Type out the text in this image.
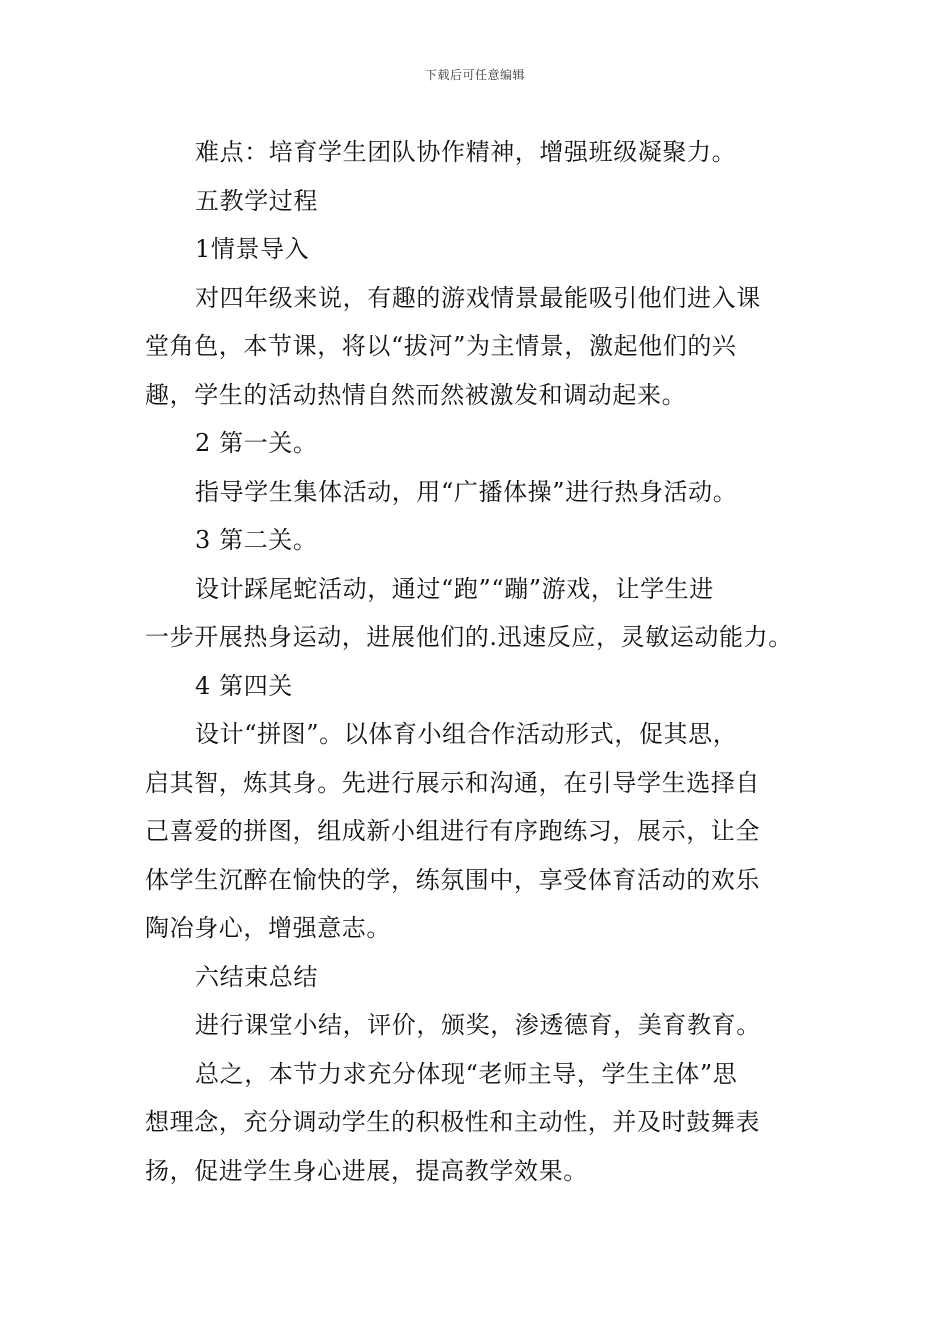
下载后可任意编辑

难点：培育学生团队协作精神，增强班级凝聚力。

五教学过程

1情景导入

对四年级来说，有趣的游戏情景最能吸引他们进入课

堂角色，本节课，将以“拔河”为主情景，激起他们的兴

趣，学生的活动热情自然而然被激发和调动起来。

2 第一关。

指导学生集体活动，用“广播体操”进行热身活动。

3 第二关。

设计踩尾蛇活动，通过“跑”“蹦”游戏，让学生进

一步开展热身运动，进展他们的.迅速反应，灵敏运动能力。

4 第四关

设计“拼图”。以体育小组合作活动形式，促其思，

启其智，炼其身。先进行展示和沟通，在引导学生选择自

己喜爱的拼图，组成新小组进行有序跑练习，展示，让全

体学生沉醉在愉快的学，练氛围中，享受体育活动的欢乐

陶冶身心，增强意志。

六结束总结

进行课堂小结，评价，颁奖，渗透德育，美育教育。

总之，本节力求充分体现“老师主导，学生主体”思

想理念，充分调动学生的积极性和主动性，并及时鼓舞表

扬，促进学生身心进展，提高教学效果。
